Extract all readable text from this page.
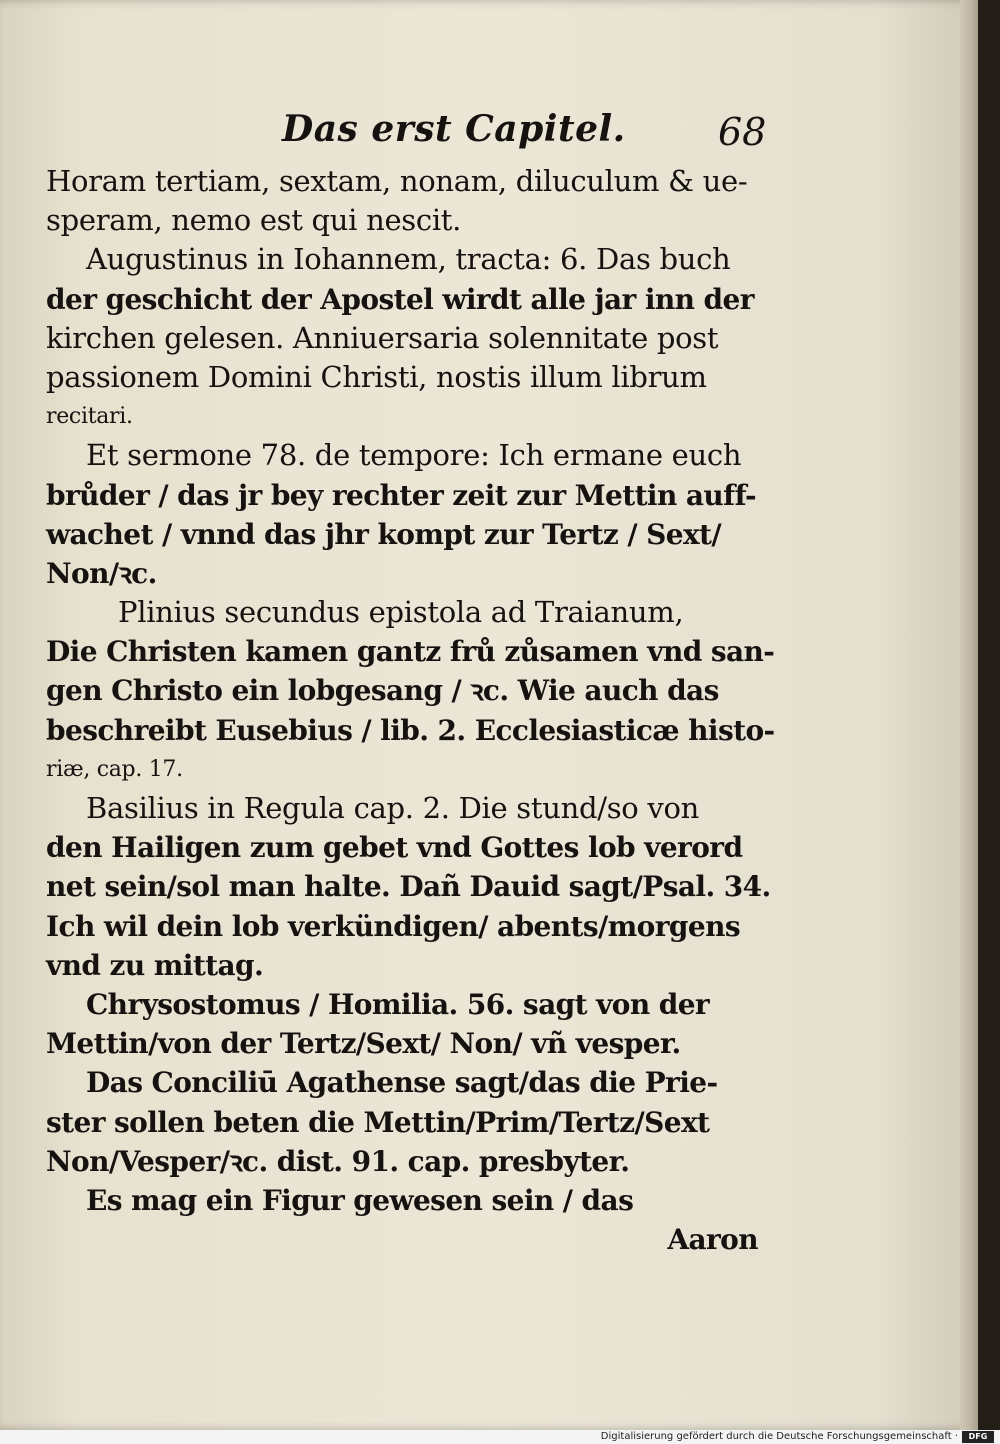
Das erst Capitel. 68
Horam tertiam, sextam, nonam, diluculum & ue-
speram, nemo est qui nescit.
Augustinus in Iohannem, tracta: 6. Das buch
der geschicht der Apostel wirdt alle jar inn der
kirchen gelesen. Anniuersaria solennitate post
passionem Domini Christi, nostis illum librum
recitari.
Et sermone 78. de tempore: Ich ermane euch
brůder / das jr bey rechter zeit zur Mettin auff-
wachet / vnnd das jhr kompt zur Tertz / Sext/
Non/ꝛc.
Plinius secundus epistola ad Traianum,
Die Christen kamen gantz frů zůsamen vnd san-
gen Christo ein lobgesang / ꝛc. Wie auch das
beschreibt Eusebius / lib. 2. Ecclesiasticæ histo-
riæ, cap. 17.
Basilius in Regula cap. 2. Die stund/so von
den Hailigen zum gebet vnd Gottes lob verord
net sein/sol man halte. Dañ Dauid sagt/Psal. 34.
Ich wil dein lob verkündigen/ abents/morgens
vnd zu mittag.
Chrysostomus / Homilia. 56. sagt von der
Mettin/von der Tertz/Sext/ Non/ vñ vesper.
Das Conciliū Agathense sagt/das die Prie-
ster sollen beten die Mettin/Prim/Tertz/Sext
Non/Vesper/ꝛc. dist. 91. cap. presbyter.
Es mag ein Figur gewesen sein / das
Aaron
Digitalisierung gefördert durch die Deutsche Forschungsgemeinschaft ·	DFG
